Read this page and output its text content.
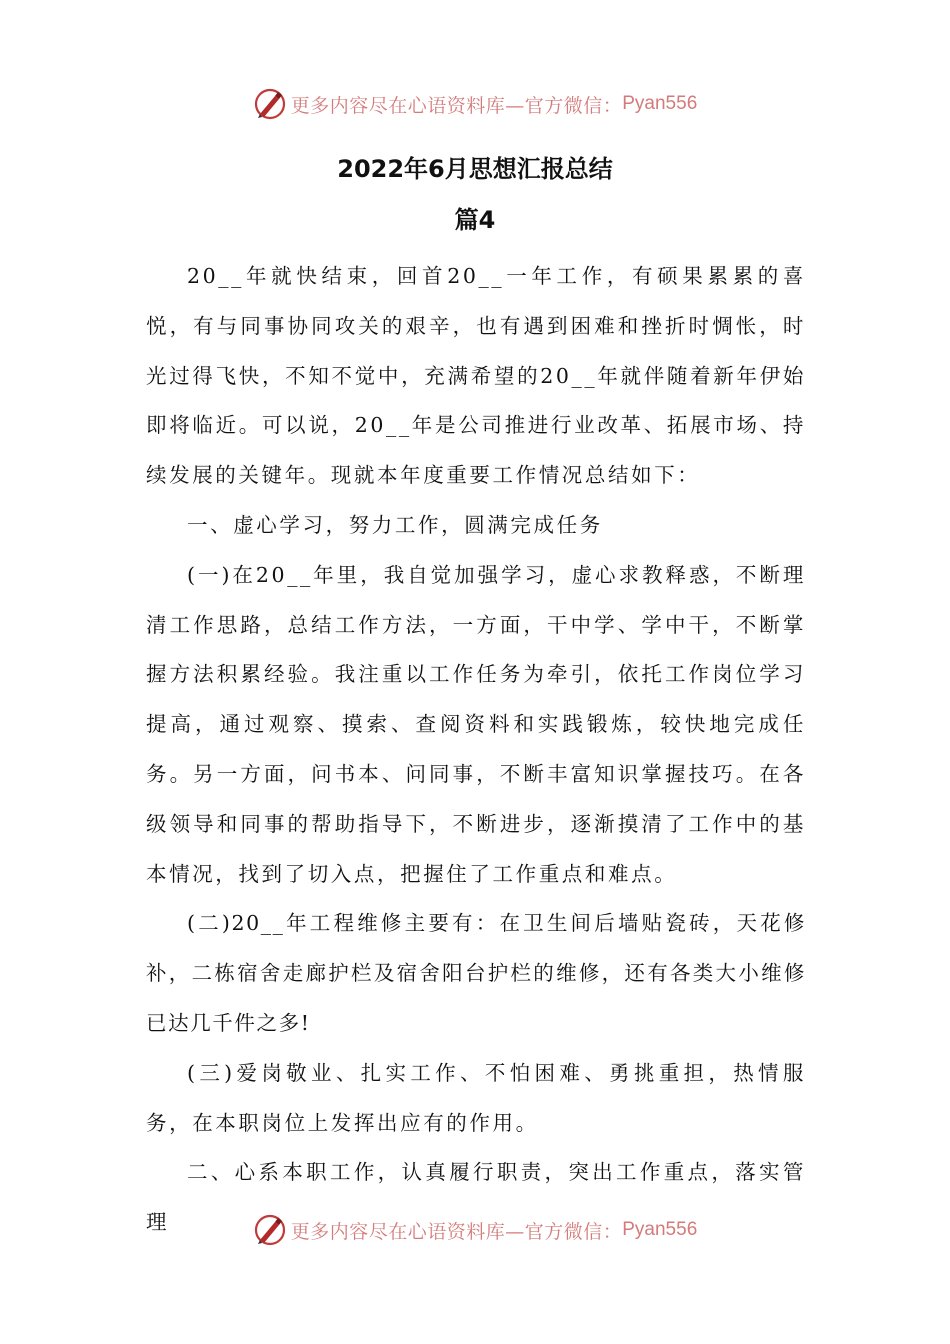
更多内容尽在心语资料库—官方微信： Pyan556
2022年6月思想汇报总结
篇4

20__年就快结束，回首20__一年工作，有硕果累累的喜悦，有与同事协同攻关的艰辛，也有遇到困难和挫折时惆怅，时光过得飞快，不知不觉中，充满希望的20__年就伴随着新年伊始即将临近。可以说，20__年是公司推进行业改革、拓展市场、持续发展的关键年。现就本年度重要工作情况总结如下：

一、虚心学习，努力工作，圆满完成任务

(一)在20__年里，我自觉加强学习，虚心求教释惑，不断理清工作思路，总结工作方法，一方面，干中学、学中干，不断掌握方法积累经验。我注重以工作任务为牵引，依托工作岗位学习提高，通过观察、摸索、查阅资料和实践锻炼，较快地完成任务。另一方面，问书本、问同事，不断丰富知识掌握技巧。在各级领导和同事的帮助指导下，不断进步，逐渐摸清了工作中的基本情况，找到了切入点，把握住了工作重点和难点。

(二)20__年工程维修主要有：在卫生间后墙贴瓷砖，天花修补，二栋宿舍走廊护栏及宿舍阳台护栏的维修，还有各类大小维修已达几千件之多!

(三)爱岗敬业、扎实工作、不怕困难、勇挑重担，热情服务，在本职岗位上发挥出应有的作用。

二、心系本职工作，认真履行职责，突出工作重点，落实管理	更多内容尽在心语资料库—官方微信： Pyan556
